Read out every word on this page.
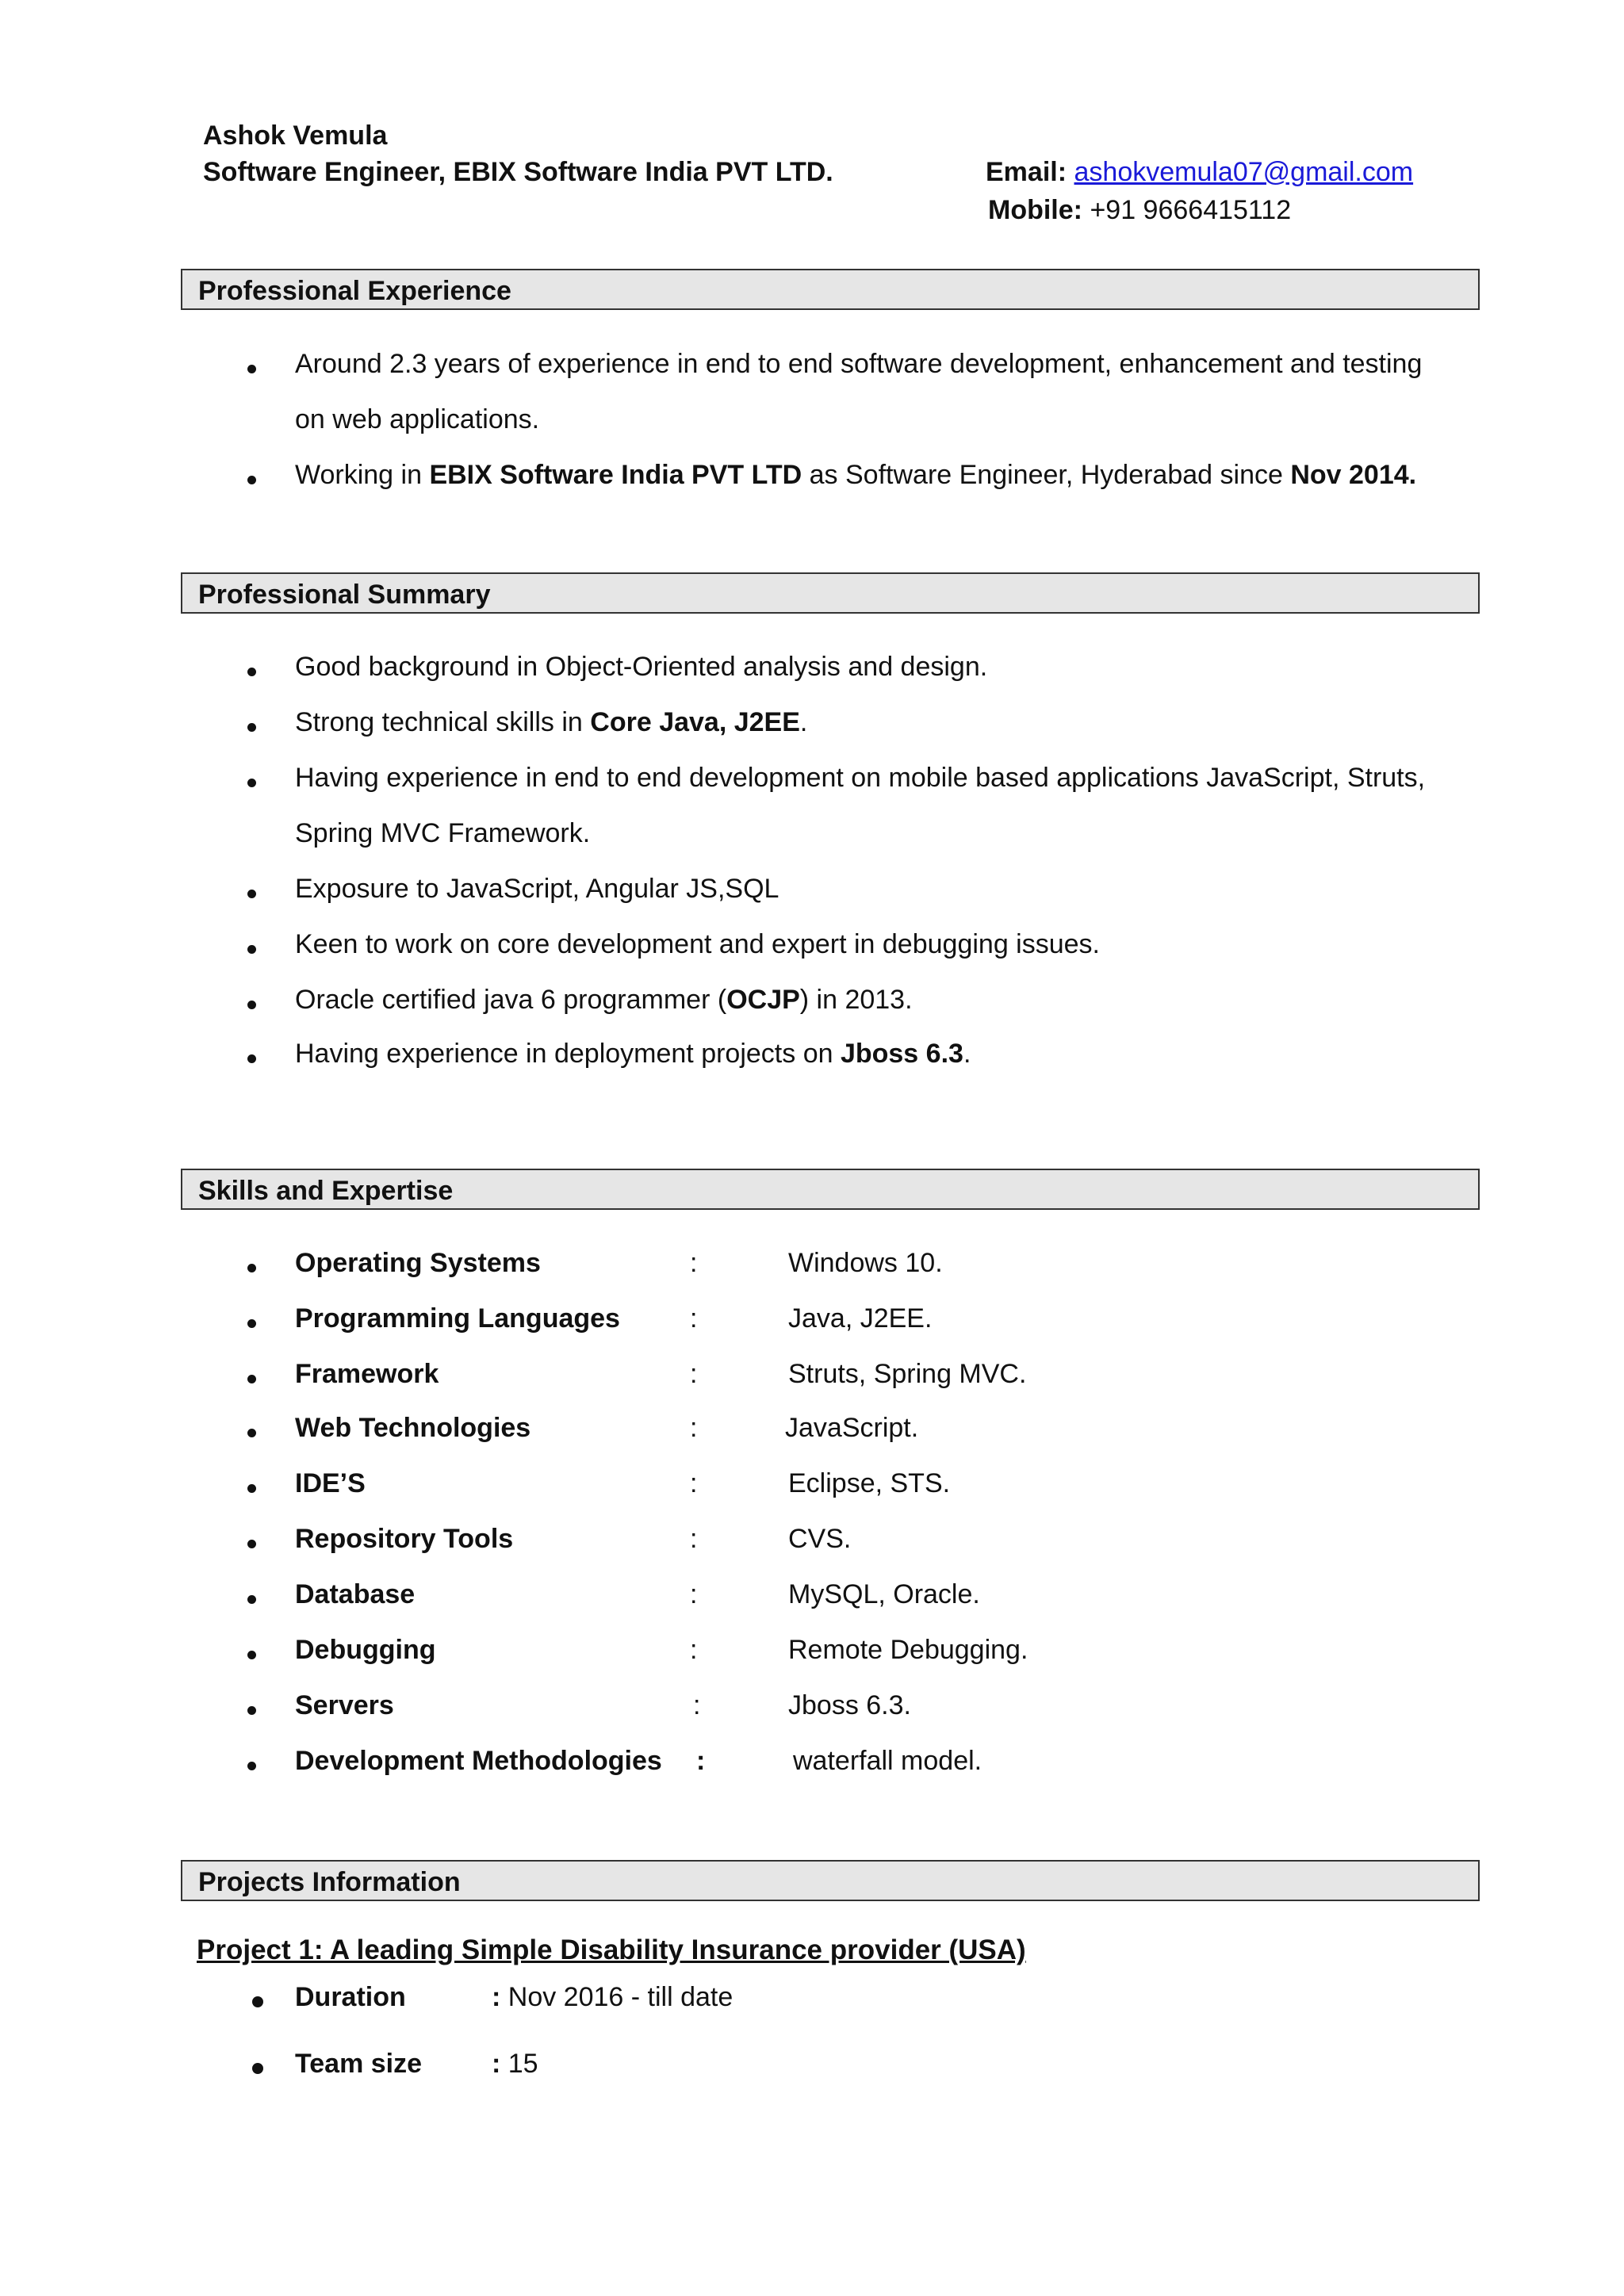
Ashok Vemula
Software Engineer, EBIX Software India PVT LTD.	Email: ashokvemula07@gmail.com
Mobile: +91 9666415112
Professional Experience
Around 2.3 years of experience in end to end software development, enhancement and testing
on web applications.
Working in EBIX Software India PVT LTD as Software Engineer, Hyderabad since Nov 2014.
Professional Summary
Good background in Object-Oriented analysis and design.
Strong technical skills in Core Java, J2EE.
Having experience in end to end development on mobile based applications JavaScript, Struts,
Spring MVC Framework.
Exposure to JavaScript, Angular JS,SQL
Keen to work on core development and expert in debugging issues.
Oracle certified java 6 programmer (OCJP) in 2013.
Having experience in deployment projects on Jboss 6.3.
Skills and Expertise
Operating Systems	:	Windows 10.
Programming Languages	:	Java, J2EE.
Framework	:	Struts, Spring MVC.
Web Technologies	:	JavaScript.
IDE’S	:	Eclipse, STS.
Repository Tools	:	CVS.
Database	:	MySQL, Oracle.
Debugging	:	Remote Debugging.
Servers	:	Jboss 6.3.
Development Methodologies :	waterfall model.
Projects Information
Project 1: A leading Simple Disability Insurance provider (USA)
Duration	: Nov 2016 - till date
Team size	: 15
